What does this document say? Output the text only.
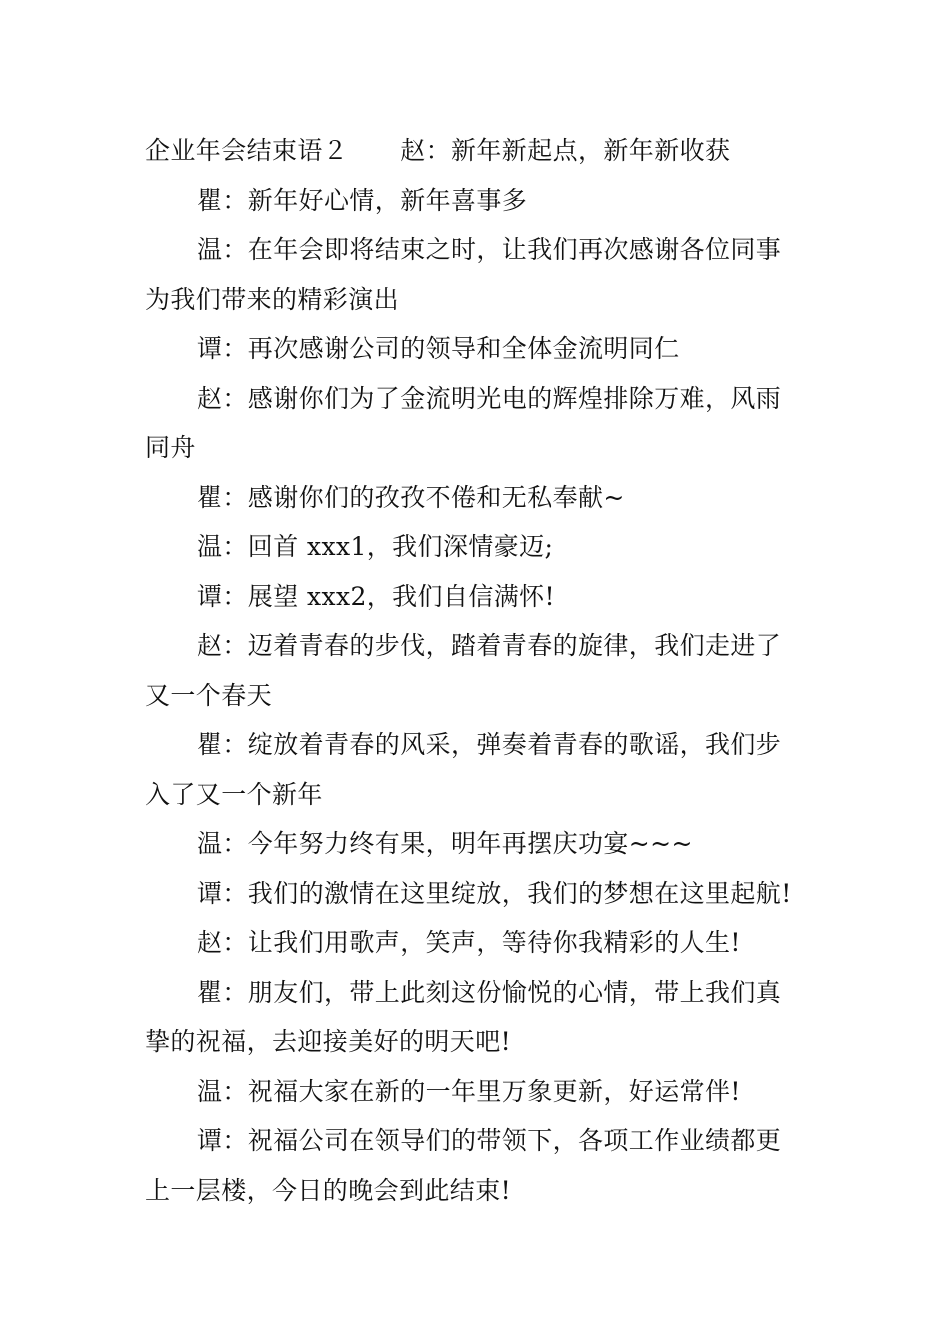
企业年会结束语２ 赵：新年新起点，新年新收获
瞿：新年好心情，新年喜事多
温：在年会即将结束之时，让我们再次感谢各位同事
为我们带来的精彩演出
谭：再次感谢公司的领导和全体金流明同仁
赵：感谢你们为了金流明光电的辉煌排除万难，风雨
同舟
瞿：感谢你们的孜孜不倦和无私奉献~
温：回首 xxx1，我们深情豪迈;
谭：展望 xxx2，我们自信满怀!
赵：迈着青春的步伐，踏着青春的旋律，我们走进了
又一个春天
瞿：绽放着青春的风采，弹奏着青春的歌谣，我们步
入了又一个新年
温：今年努力终有果，明年再摆庆功宴~~~
谭：我们的激情在这里绽放，我们的梦想在这里起航!
赵：让我们用歌声，笑声，等待你我精彩的人生!
瞿：朋友们，带上此刻这份愉悦的心情，带上我们真
挚的祝福，去迎接美好的明天吧!
温：祝福大家在新的一年里万象更新，好运常伴!
谭：祝福公司在领导们的带领下，各项工作业绩都更
上一层楼，今日的晚会到此结束!
